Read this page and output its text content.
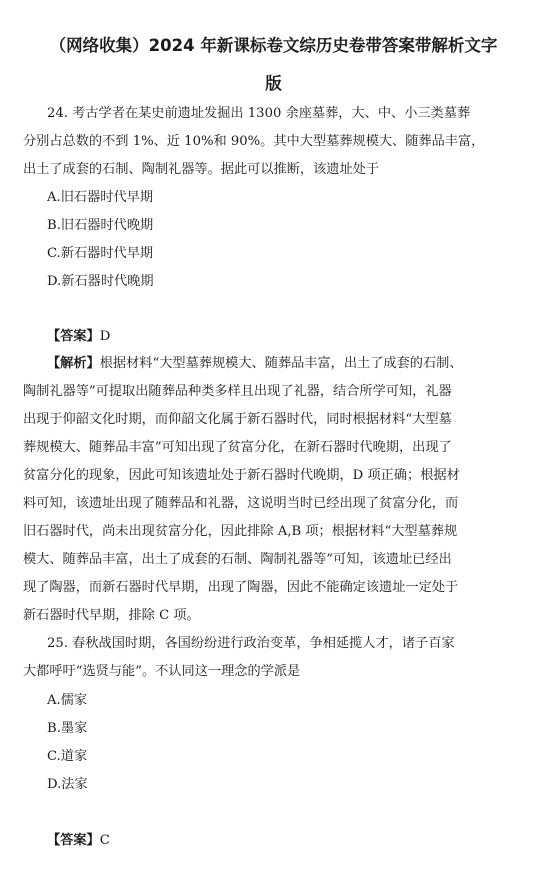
（网络收集）2024 年新课标卷文综历史卷带答案带解析文字
版
24. 考古学者在某史前遗址发掘出 1300 余座墓葬，大、中、小三类墓葬
分别占总数的不到 1%、近 10%和 90%。其中大型墓葬规模大、随葬品丰富，
出土了成套的石制、陶制礼器等。据此可以推断，该遗址处于
A.旧石器时代早期
B.旧石器时代晚期
C.新石器时代早期
D.新石器时代晚期
【答案】D
【解析】根据材料“大型墓葬规模大、随葬品丰富，出土了成套的石制、
陶制礼器等”可提取出随葬品种类多样且出现了礼器，结合所学可知，礼器
出现于仰韶文化时期，而仰韶文化属于新石器时代，同时根据材料“大型墓
葬规模大、随葬品丰富”可知出现了贫富分化，在新石器时代晚期，出现了
贫富分化的现象，因此可知该遗址处于新石器时代晚期，D 项正确；根据材
料可知，该遗址出现了随葬品和礼器，这说明当时已经出现了贫富分化，而
旧石器时代，尚未出现贫富分化，因此排除 A,B 项；根据材料“大型墓葬规
模大、随葬品丰富，出土了成套的石制、陶制礼器等”可知，该遗址已经出
现了陶器，而新石器时代早期，出现了陶器，因此不能确定该遗址一定处于
新石器时代早期，排除 C 项。
25. 春秋战国时期，各国纷纷进行政治变革，争相延揽人才，诸子百家
大都呼吁“选贤与能”。不认同这一理念的学派是
A.儒家
B.墨家
C.道家
D.法家
【答案】C
